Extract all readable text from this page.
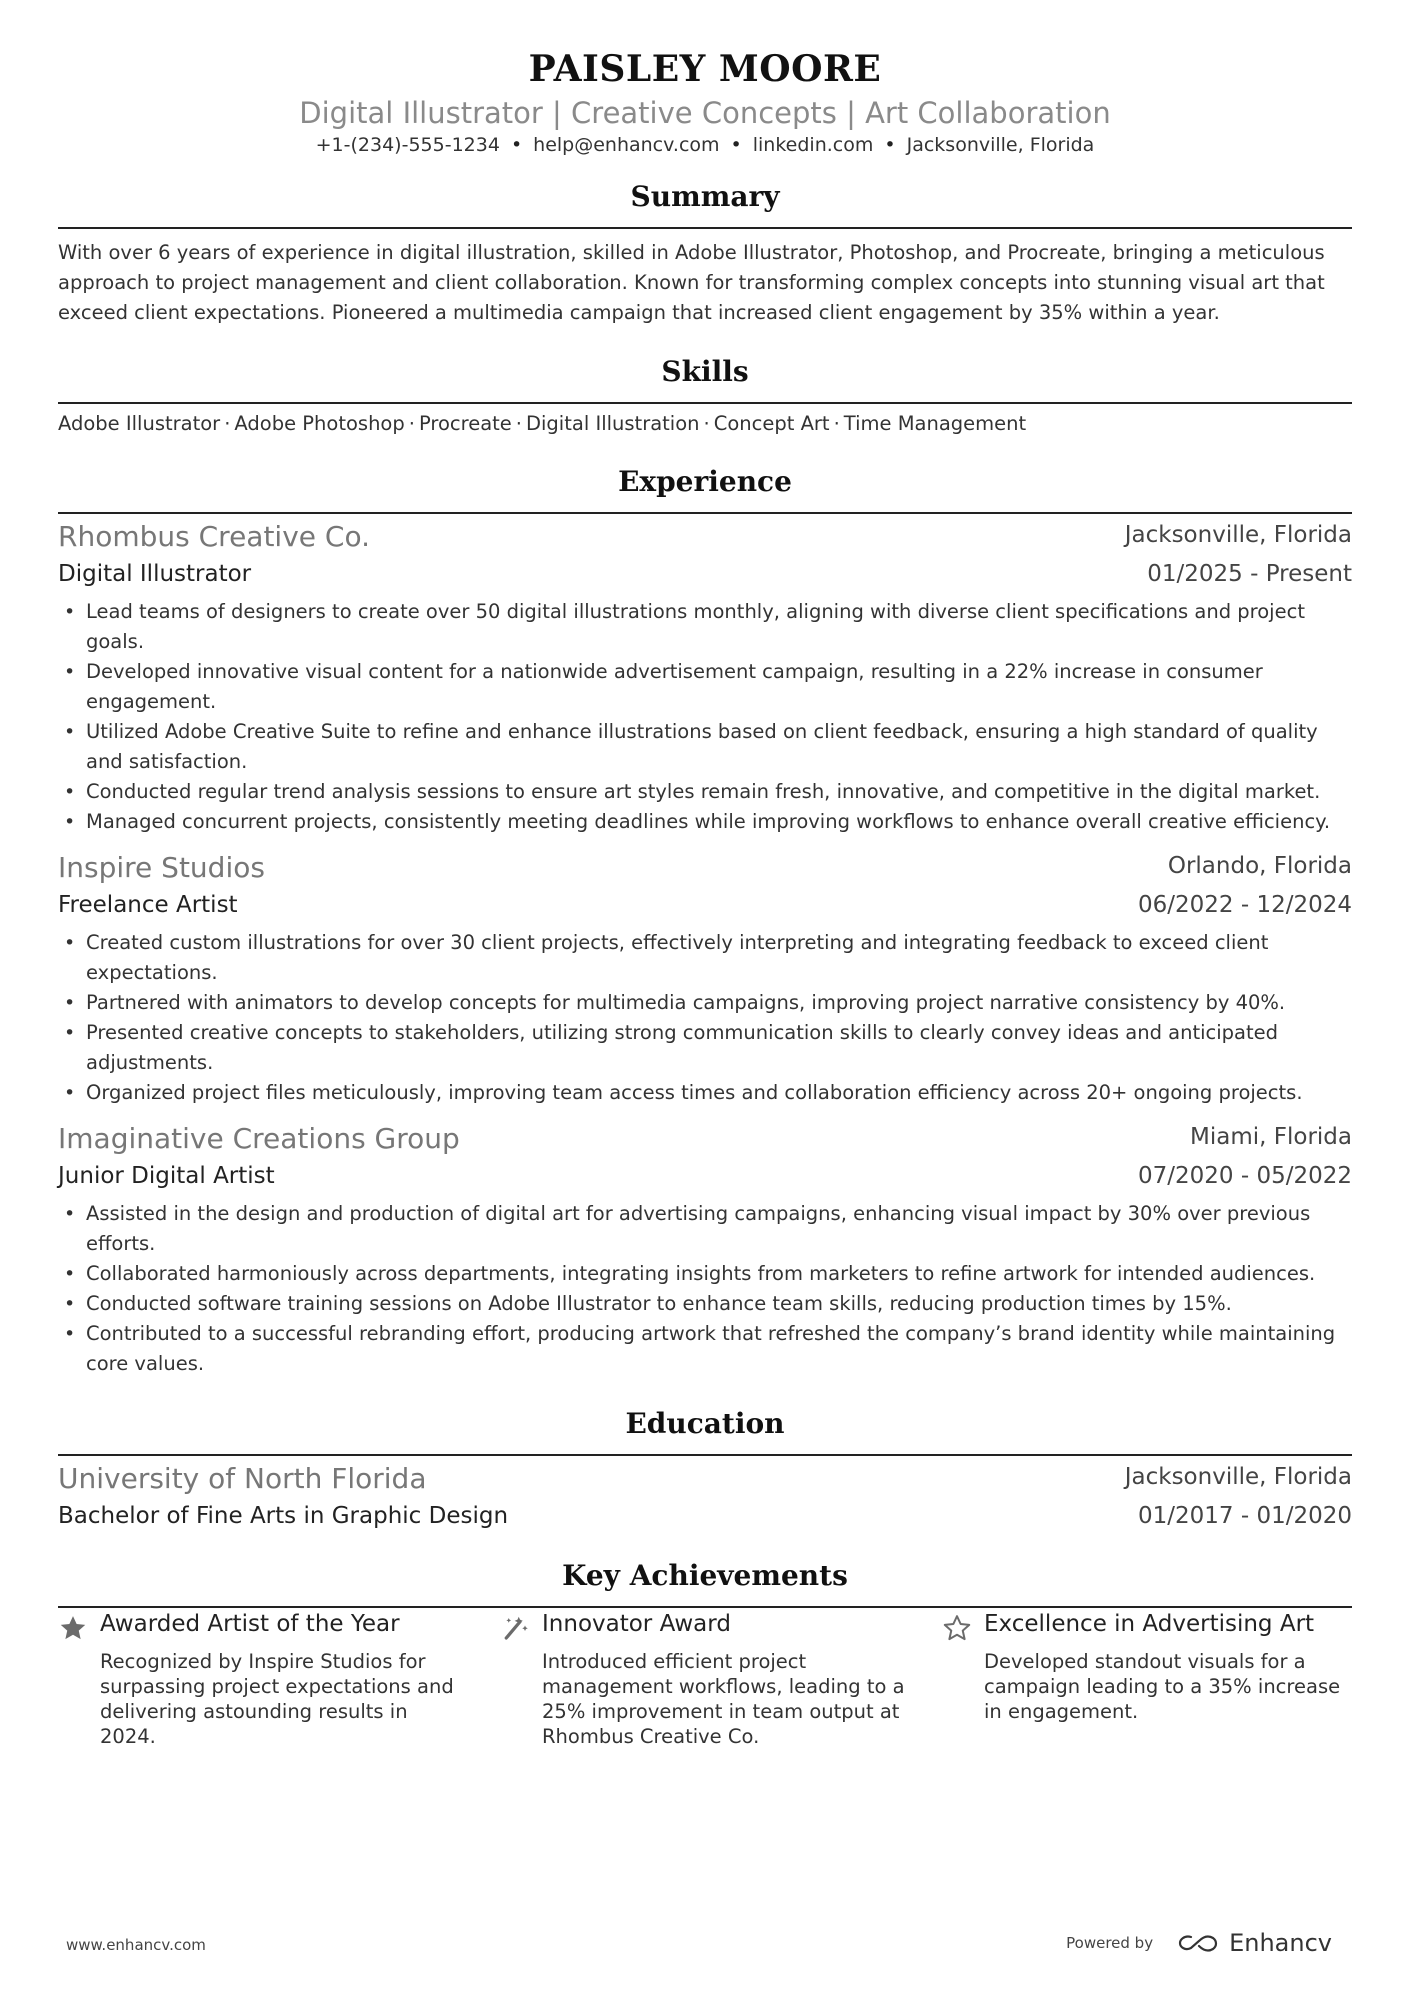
PAISLEY MOORE
Digital Illustrator | Creative Concepts | Art Collaboration
+1-(234)-555-1234 • help@enhancv.com • linkedin.com • Jacksonville, Florida
Summary
With over 6 years of experience in digital illustration, skilled in Adobe Illustrator, Photoshop, and Procreate, bringing a meticulous approach to project management and client collaboration. Known for transforming complex concepts into stunning visual art that exceed client expectations. Pioneered a multimedia campaign that increased client engagement by 35% within a year.
Skills
Adobe Illustrator · Adobe Photoshop · Procreate · Digital Illustration · Concept Art · Time Management
Experience
Rhombus Creative Co.	Jacksonville, Florida
Digital Illustrator	01/2025 - Present
• Lead teams of designers to create over 50 digital illustrations monthly, aligning with diverse client specifications and project goals.
• Developed innovative visual content for a nationwide advertisement campaign, resulting in a 22% increase in consumer engagement.
• Utilized Adobe Creative Suite to refine and enhance illustrations based on client feedback, ensuring a high standard of quality and satisfaction.
• Conducted regular trend analysis sessions to ensure art styles remain fresh, innovative, and competitive in the digital market.
• Managed concurrent projects, consistently meeting deadlines while improving workflows to enhance overall creative efficiency.
Inspire Studios	Orlando, Florida
Freelance Artist	06/2022 - 12/2024
• Created custom illustrations for over 30 client projects, effectively interpreting and integrating feedback to exceed client expectations.
• Partnered with animators to develop concepts for multimedia campaigns, improving project narrative consistency by 40%.
• Presented creative concepts to stakeholders, utilizing strong communication skills to clearly convey ideas and anticipated adjustments.
• Organized project files meticulously, improving team access times and collaboration efficiency across 20+ ongoing projects.
Imaginative Creations Group	Miami, Florida
Junior Digital Artist	07/2020 - 05/2022
• Assisted in the design and production of digital art for advertising campaigns, enhancing visual impact by 30% over previous efforts.
• Collaborated harmoniously across departments, integrating insights from marketers to refine artwork for intended audiences.
• Conducted software training sessions on Adobe Illustrator to enhance team skills, reducing production times by 15%.
• Contributed to a successful rebranding effort, producing artwork that refreshed the company’s brand identity while maintaining core values.
Education
University of North Florida	Jacksonville, Florida
Bachelor of Fine Arts in Graphic Design	01/2017 - 01/2020
Key Achievements
Awarded Artist of the Year
Recognized by Inspire Studios for surpassing project expectations and delivering astounding results in 2024.
Innovator Award
Introduced efficient project management workflows, leading to a 25% improvement in team output at Rhombus Creative Co.
Excellence in Advertising Art
Developed standout visuals for a campaign leading to a 35% increase in engagement.
www.enhancv.com	Powered by	Enhancv
